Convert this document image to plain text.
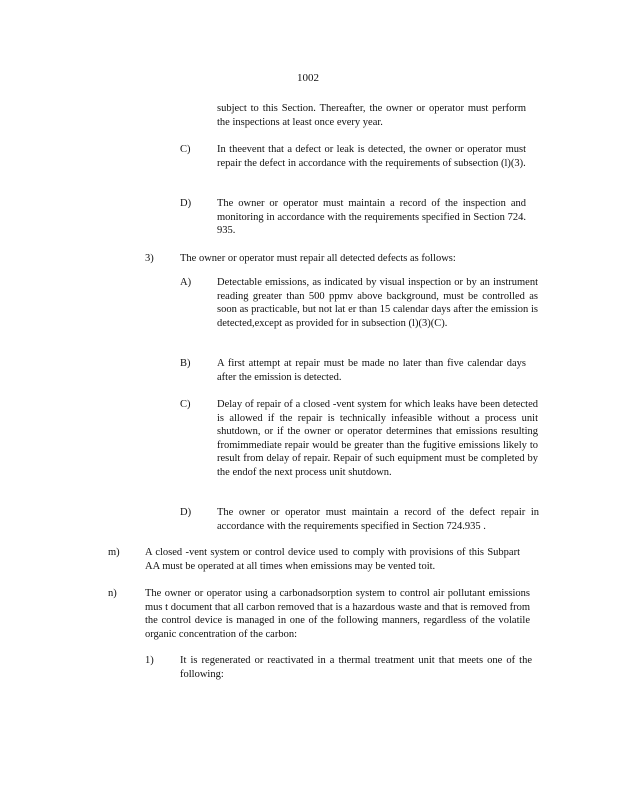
1002
subject to this Section. Thereafter, the owner or operator must perform the inspections at least once every year.
C)	In theevent that a defect or leak is detected, the owner or operator must repair the defect in accordance with the requirements of subsection (l)(3).
D) The owner or operator must maintain a record of the inspection and monitoring in accordance with the requirements specified in Section 724. 935.
3)	The owner or operator must repair all detected defects as follows:
A) Detectable emissions, as indicated by visual inspection or by an instrument reading greater than 500 ppmv above background, must be controlled as soon as practicable, but not lat er than 15 calendar days after the emission is detected,except as provided for in subsection (l)(3)(C).
B)	A first attempt at repair must be made no later than five calendar days after the emission is detected.
C)	Delay of repair of a closed -vent system for which leaks have been detected is allowed if the repair is technically infeasible without a process unit shutdown, or if the owner or operator determines that emissions resulting fromimmediate repair would be greater than the fugitive emissions likely to result from delay of repair. Repair of such equipment must be completed by the endof the next process unit shutdown.
D) The owner or operator must maintain a record of the defect repair in accordance with the requirements specified in Section 724.935 .
m) A closed -vent system or control device used to comply with provisions of this Subpart AA must be operated at all times when emissions may be vented toit.
n)	The owner or operator using a carbonadsorption system to control air pollutant emissions mus t document that all carbon removed that is a hazardous waste and that is removed from the control device is managed in one of the following manners, regardless of the volatile organic concentration of the carbon:
1)	It is regenerated or reactivated in a thermal treatment unit that meets one of the following:
